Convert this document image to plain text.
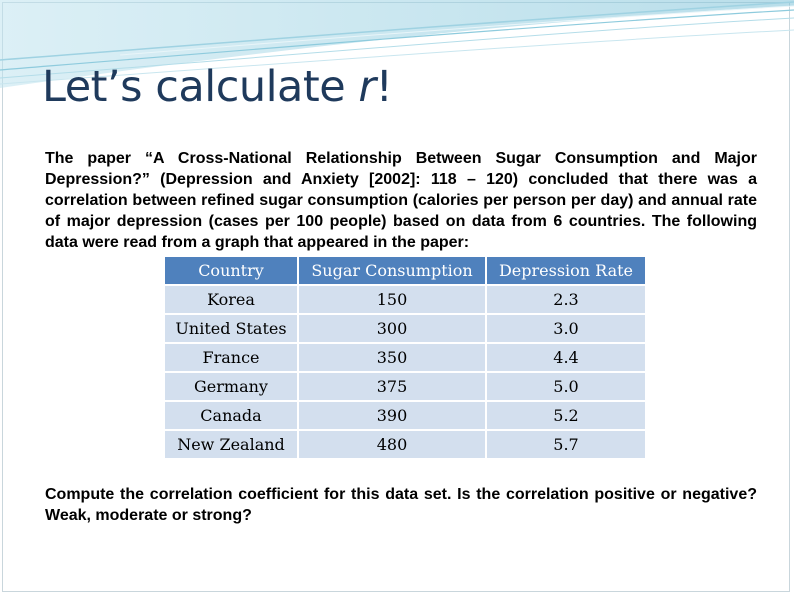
Let’s calculate r!

The paper “A Cross-National Relationship Between Sugar Consumption and Major Depression?” (Depression and Anxiety [2002]: 118 – 120) concluded that there was a correlation between refined sugar consumption (calories per person per day) and annual rate of major depression (cases per 100 people) based on data from 6 countries. The following data were read from a graph that appeared in the paper:

Country	Sugar Consumption	Depression Rate
Korea	150	2.3
United States	300	3.0
France	350	4.4
Germany	375	5.0
Canada	390	5.2
New Zealand	480	5.7

Compute the correlation coefficient for this data set. Is the correlation positive or negative? Weak, moderate or strong?
